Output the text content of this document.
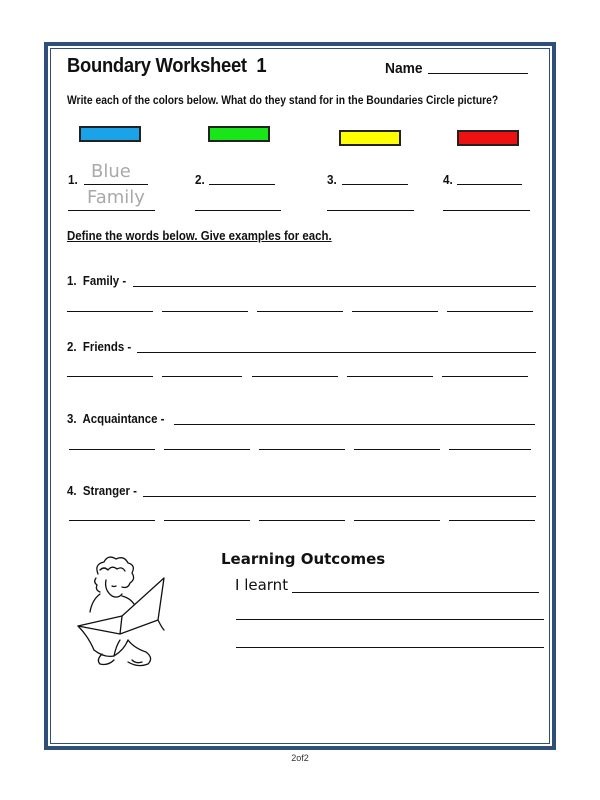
Boundary Worksheet  1	Name
Write each of the colors below. What do they stand for in the Boundaries Circle picture?
1. Blue
Family
2.	3.	4.
Define the words below. Give examples for each.
1.  Family -
2.  Friends -
3.  Acquaintance -
4.  Stranger -
Learning Outcomes
I learnt
2of2
